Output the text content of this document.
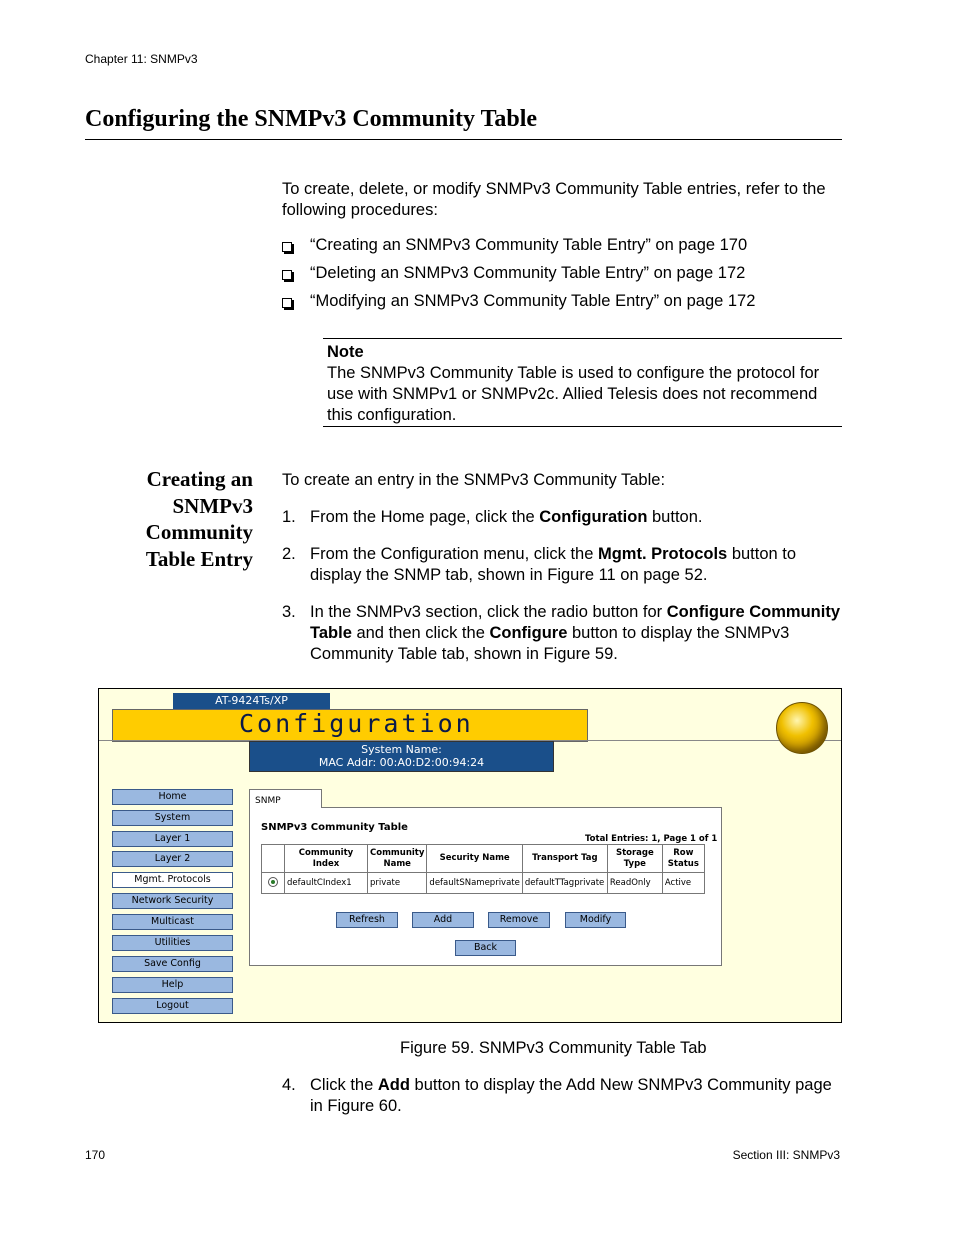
Chapter 11: SNMPv3
Configuring the SNMPv3 Community Table
To create, delete, or modify SNMPv3 Community Table entries, refer to the following procedures:
“Creating an SNMPv3 Community Table Entry” on page 170
“Deleting an SNMPv3 Community Table Entry” on page 172
“Modifying an SNMPv3 Community Table Entry” on page 172
Note
The SNMPv3 Community Table is used to configure the protocol for use with SNMPv1 or SNMPv2c. Allied Telesis does not recommend this configuration.
Creating an
SNMPv3
Community
Table Entry
To create an entry in the SNMPv3 Community Table:
1. From the Home page, click the Configuration button.
2. From the Configuration menu, click the Mgmt. Protocols button to display the SNMP tab, shown in Figure 11 on page 52.
3. In the SNMPv3 section, click the radio button for Configure Community Table and then click the Configure button to display the SNMPv3 Community Table tab, shown in Figure 59.
AT-9424Ts/XP
Configuration
System Name:
MAC Addr: 00:A0:D2:00:94:24
Home
System
Layer 1
Layer 2
Mgmt. Protocols
Network Security
Multicast
Utilities
Save Config
Help
Logout
SNMP
SNMPv3 Community Table
Total Entries: 1, Page 1 of 1
	Community Index	Community Name	Security Name	Transport Tag	Storage Type	Row Status
	defaultCIndex1	private	defaultSNameprivate	defaultTTagprivate	ReadOnly	Active
Refresh	Add	Remove	Modify
Back
Figure 59. SNMPv3 Community Table Tab
4. Click the Add button to display the Add New SNMPv3 Community page in Figure 60.
170	Section III: SNMPv3
